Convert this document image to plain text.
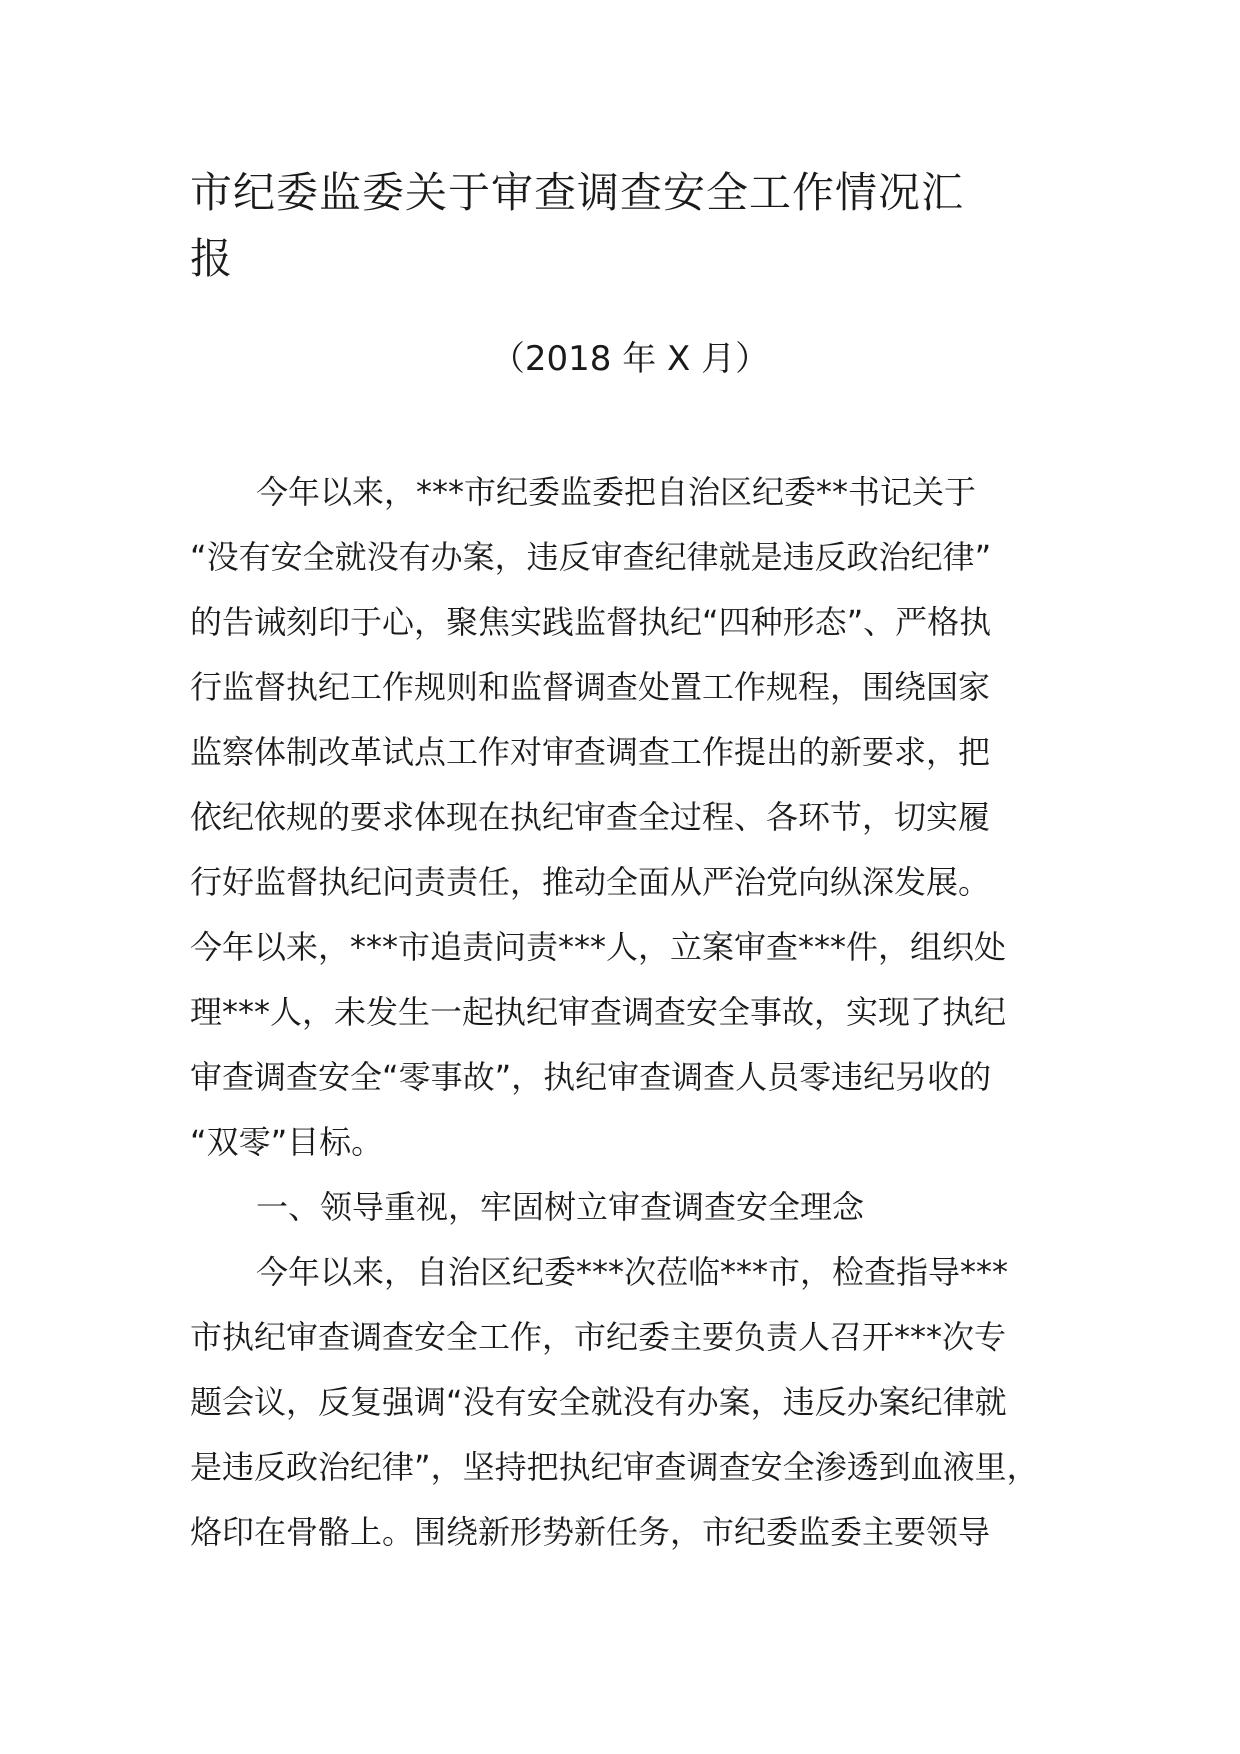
市纪委监委关于审查调查安全工作情况汇
报
（2018 年 X 月）
今年以来，***市纪委监委把自治区纪委**书记关于
“没有安全就没有办案，违反审查纪律就是违反政治纪律”
的告诫刻印于心，聚焦实践监督执纪“四种形态”、严格执
行监督执纪工作规则和监督调查处置工作规程，围绕国家
监察体制改革试点工作对审查调查工作提出的新要求，把
依纪依规的要求体现在执纪审查全过程、各环节，切实履
行好监督执纪问责责任，推动全面从严治党向纵深发展。
今年以来，***市追责问责***人，立案审查***件，组织处
理***人，未发生一起执纪审查调查安全事故，实现了执纪
审查调查安全“零事故”，执纪审查调查人员零违纪另收的
“双零”目标。
一、领导重视，牢固树立审查调查安全理念
今年以来，自治区纪委***次莅临***市，检查指导***
市执纪审查调查安全工作，市纪委主要负责人召开***次专
题会议，反复强调“没有安全就没有办案，违反办案纪律就
是违反政治纪律”，坚持把执纪审查调查安全渗透到血液里，
烙印在骨骼上。围绕新形势新任务，市纪委监委主要领导
